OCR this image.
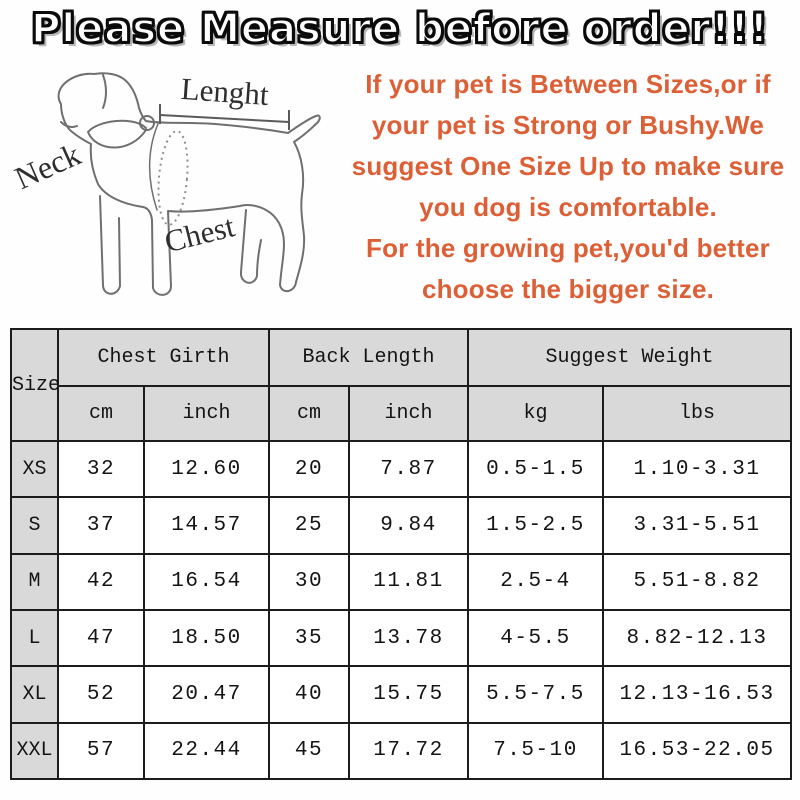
Please Measure before order!!!
Neck
Lenght
Chest
If your pet is Between Sizes,or if
your pet is Strong or Bushy.We
suggest One Size Up to make sure
you dog is comfortable.
For the growing pet,you'd better
choose the bigger size.
Size	Chest Girth		Back Length		Suggest Weight	
	cm	inch	cm	inch	kg	lbs
XS	32	12.60	20	7.87	0.5-1.5	1.10-3.31
S	37	14.57	25	9.84	1.5-2.5	3.31-5.51
M	42	16.54	30	11.81	2.5-4	5.51-8.82
L	47	18.50	35	13.78	4-5.5	8.82-12.13
XL	52	20.47	40	15.75	5.5-7.5	12.13-16.53
XXL	57	22.44	45	17.72	7.5-10	16.53-22.05
